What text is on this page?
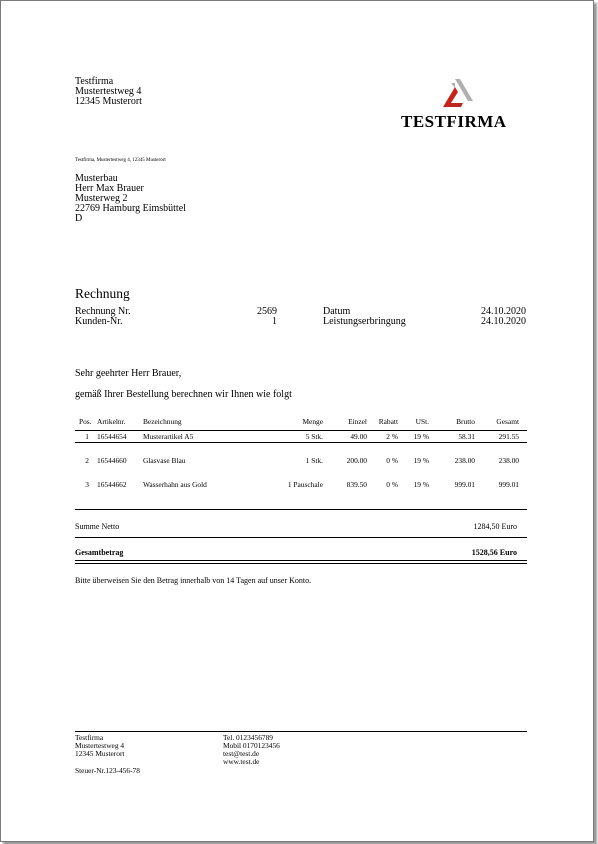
Testfirma
Mustertestweg 4
12345 Musterort
TESTFIRMA
Testfirma, Mustertestweg 4, 12345 Musterort
Musterbau
Herr Max Brauer
Musterweg 2
22769 Hamburg Eimsbüttel
D
Rechnung
Rechnung Nr.	2569	Datum	24.10.2020
Kunden-Nr.	1	Leistungserbringung	24.10.2020
Sehr geehrter Herr Brauer,
gemäß Ihrer Bestellung berechnen wir Ihnen wie folgt
Pos. Artikelnr. Bezeichnung	Menge	Einzel	Rabatt	USt.	Brutto	Gesamt
1 16544654 Musterartikel A5	5 Stk.	49.00	2 %	19 %	58.31	291.55
2 16544660 Glasvase Blau	1 Stk.	200.00	0 %	19 %	238.00	238.00
3 16544662 Wasserhahn aus Gold	1 Pauschale	839.50	0 %	19 %	999.01	999.01
Summe Netto	1284,50 Euro
Gesamtbetrag	1528,56 Euro
Bitte überweisen Sie den Betrag innerhalb von 14 Tagen auf unser Konto.
Testfirma
Mustertestweg 4
12345 Musterort
Tel. 0123456789
Mobil 0170123456
test@test.de
www.test.de
Steuer-Nr.123-456-78
